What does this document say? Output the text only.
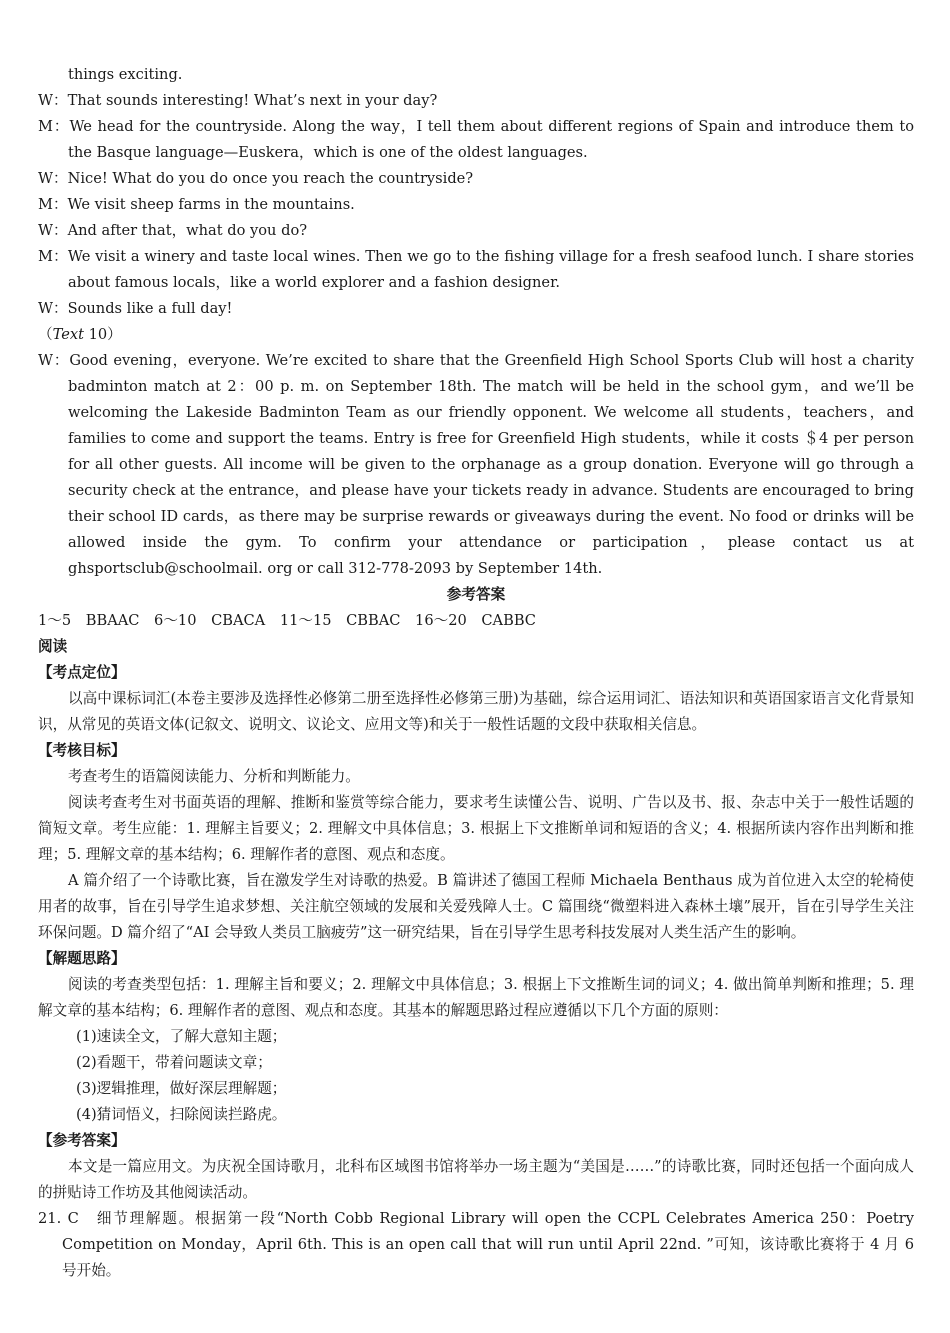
things exciting.
W：That sounds interesting! What’s next in your day?
M：We head for the countryside. Along the way，I tell them about different regions of Spain and introduce them to the Basque language—Euskera，which is one of the oldest languages.
W：Nice! What do you do once you reach the countryside?
M：We visit sheep farms in the mountains.
W：And after that，what do you do?
M：We visit a winery and taste local wines. Then we go to the fishing village for a fresh seafood lunch. I share stories about famous locals，like a world explorer and a fashion designer.
W：Sounds like a full day!
（Text 10）
W：Good evening，everyone. We’re excited to share that the Greenfield High School Sports Club will host a charity badminton match at 2：00 p. m. on September 18th. The match will be held in the school gym，and we’ll be welcoming the Lakeside Badminton Team as our friendly opponent. We welcome all students，teachers，and families to come and support the teams. Entry is free for Greenfield High students，while it costs ＄4 per person for all other guests. All income will be given to the orphanage as a group donation. Everyone will go through a security check at the entrance，and please have your tickets ready in advance. Students are encouraged to bring their school ID cards，as there may be surprise rewards or giveaways during the event. No food or drinks will be allowed inside the gym. To confirm your attendance or participation，please contact us at ghsportsclub@schoolmail. org or call 312-778-2093 by September 14th.
参考答案
1～5　BBAAC　6～10　CBACA　11～15　CBBAC　16～20　CABBC
阅读
【考点定位】
以高中课标词汇(本卷主要涉及选择性必修第二册至选择性必修第三册)为基础，综合运用词汇、语法知识和英语国家语言文化背景知识，从常见的英语文体(记叙文、说明文、议论文、应用文等)和关于一般性话题的文段中获取相关信息。
【考核目标】
考查考生的语篇阅读能力、分析和判断能力。
阅读考查考生对书面英语的理解、推断和鉴赏等综合能力，要求考生读懂公告、说明、广告以及书、报、杂志中关于一般性话题的简短文章。考生应能：1. 理解主旨要义；2. 理解文中具体信息；3. 根据上下文推断单词和短语的含义；4. 根据所读内容作出判断和推理；5. 理解文章的基本结构；6. 理解作者的意图、观点和态度。
A 篇介绍了一个诗歌比赛，旨在激发学生对诗歌的热爱。B 篇讲述了德国工程师 Michaela Benthaus 成为首位进入太空的轮椅使用者的故事，旨在引导学生追求梦想、关注航空领域的发展和关爱残障人士。C 篇围绕“微塑料进入森林土壤”展开，旨在引导学生关注环保问题。D 篇介绍了“AI 会导致人类员工脑疲劳”这一研究结果，旨在引导学生思考科技发展对人类生活产生的影响。
【解题思路】
阅读的考查类型包括：1. 理解主旨和要义；2. 理解文中具体信息；3. 根据上下文推断生词的词义；4. 做出简单判断和推理；5. 理解文章的基本结构；6. 理解作者的意图、观点和态度。其基本的解题思路过程应遵循以下几个方面的原则：
(1)速读全文，了解大意知主题；
(2)看题干，带着问题读文章；
(3)逻辑推理，做好深层理解题；
(4)猜词悟义，扫除阅读拦路虎。
【参考答案】
本文是一篇应用文。为庆祝全国诗歌月，北科布区域图书馆将举办一场主题为“美国是……”的诗歌比赛，同时还包括一个面向成人的拼贴诗工作坊及其他阅读活动。
21. C　细节理解题。根据第一段“North Cobb Regional Library will open the CCPL Celebrates America 250：Poetry Competition on Monday，April 6th. This is an open call that will run until April 22nd. ”可知，该诗歌比赛将于 4 月 6 号开始。
